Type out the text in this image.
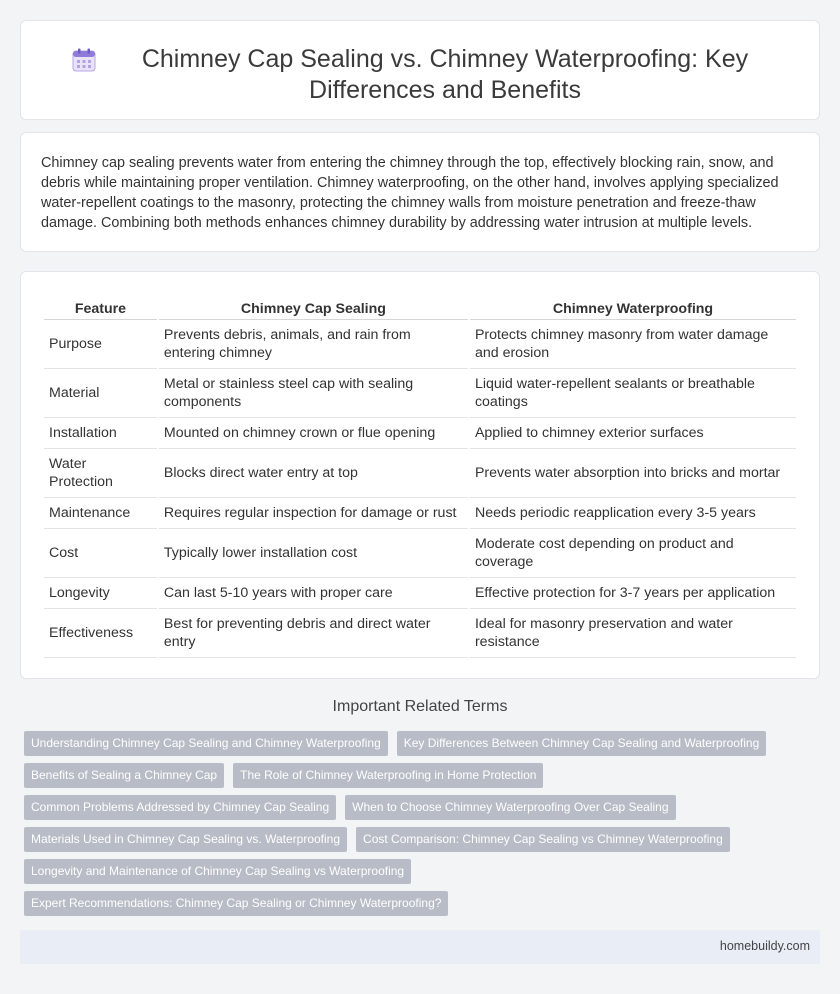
Chimney Cap Sealing vs. Chimney Waterproofing: Key Differences and Benefits

Chimney cap sealing prevents water from entering the chimney through the top, effectively blocking rain, snow, and debris while maintaining proper ventilation. Chimney waterproofing, on the other hand, involves applying specialized water-repellent coatings to the masonry, protecting the chimney walls from moisture penetration and freeze-thaw damage. Combining both methods enhances chimney durability by addressing water intrusion at multiple levels.

Feature	Chimney Cap Sealing	Chimney Waterproofing
Purpose	Prevents debris, animals, and rain from entering chimney	Protects chimney masonry from water damage and erosion
Material	Metal or stainless steel cap with sealing components	Liquid water-repellent sealants or breathable coatings
Installation	Mounted on chimney crown or flue opening	Applied to chimney exterior surfaces
Water Protection	Blocks direct water entry at top	Prevents water absorption into bricks and mortar
Maintenance	Requires regular inspection for damage or rust	Needs periodic reapplication every 3-5 years
Cost	Typically lower installation cost	Moderate cost depending on product and coverage
Longevity	Can last 5-10 years with proper care	Effective protection for 3-7 years per application
Effectiveness	Best for preventing debris and direct water entry	Ideal for masonry preservation and water resistance
Important Related Terms
Understanding Chimney Cap Sealing and Chimney Waterproofing	Key Differences Between Chimney Cap Sealing and Waterproofing
Benefits of Sealing a Chimney Cap	The Role of Chimney Waterproofing in Home Protection
Common Problems Addressed by Chimney Cap Sealing	When to Choose Chimney Waterproofing Over Cap Sealing
Materials Used in Chimney Cap Sealing vs. Waterproofing	Cost Comparison: Chimney Cap Sealing vs Chimney Waterproofing
Longevity and Maintenance of Chimney Cap Sealing vs Waterproofing
Expert Recommendations: Chimney Cap Sealing or Chimney Waterproofing?
homebuildy.com
